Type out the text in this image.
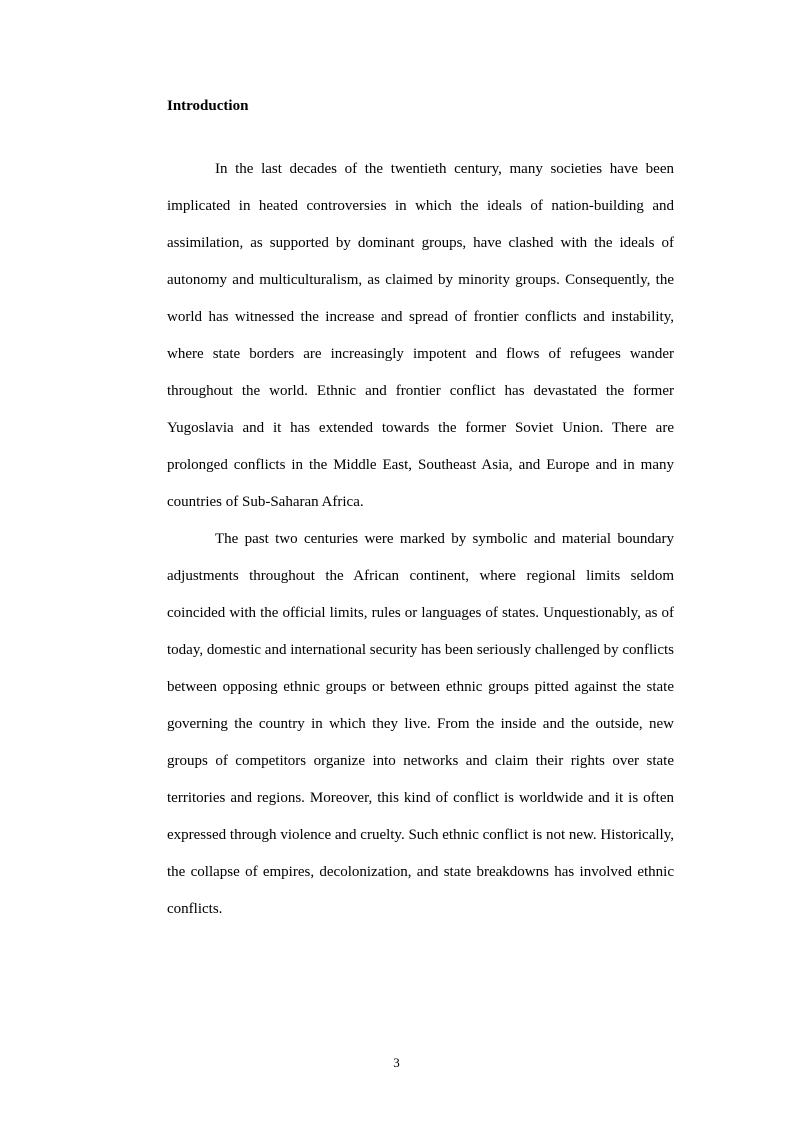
Introduction

In the last decades of the twentieth century, many societies have been implicated in heated controversies in which the ideals of nation-building and assimilation, as supported by dominant groups, have clashed with the ideals of autonomy and multiculturalism, as claimed by minority groups. Consequently, the world has witnessed the increase and spread of frontier conflicts and instability, where state borders are increasingly impotent and flows of refugees wander throughout the world. Ethnic and frontier conflict has devastated the former Yugoslavia and it has extended towards the former Soviet Union. There are prolonged conflicts in the Middle East, Southeast Asia, and Europe and in many countries of Sub-Saharan Africa.

The past two centuries were marked by symbolic and material boundary adjustments throughout the African continent, where regional limits seldom coincided with the official limits, rules or languages of states. Unquestionably, as of today, domestic and international security has been seriously challenged by conflicts between opposing ethnic groups or between ethnic groups pitted against the state governing the country in which they live. From the inside and the outside, new groups of competitors organize into networks and claim their rights over state territories and regions. Moreover, this kind of conflict is worldwide and it is often expressed through violence and cruelty. Such ethnic conflict is not new. Historically, the collapse of empires, decolonization, and state breakdowns has involved ethnic conflicts.

3
